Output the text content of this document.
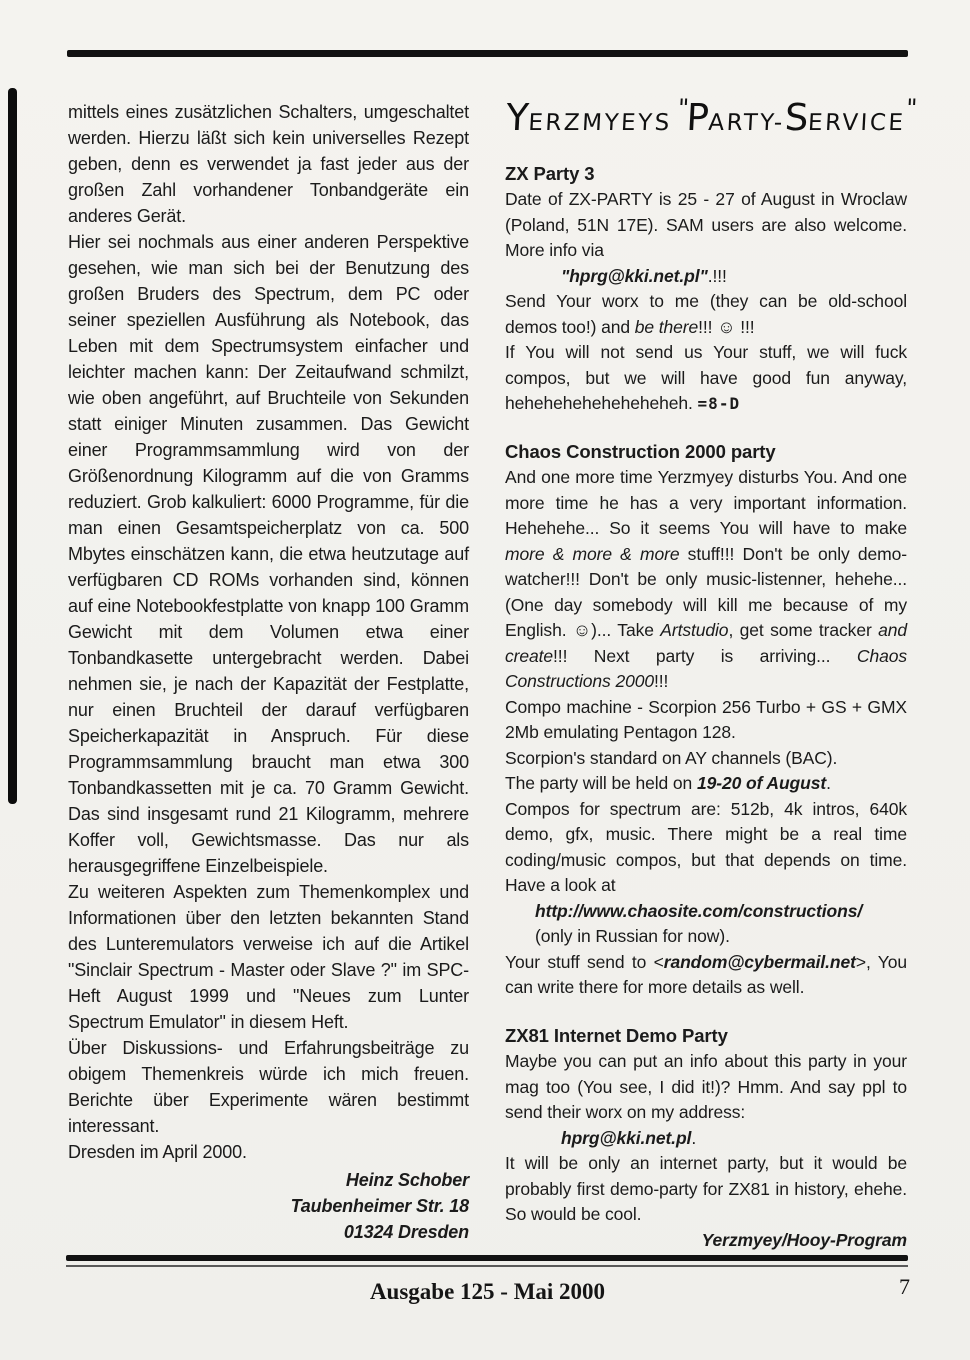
mittels eines zusätzlichen Schalters, umgeschaltet werden. Hierzu läßt sich kein universelles Rezept geben, denn es verwendet ja fast jeder aus der großen Zahl vorhandener Tonbandgeräte ein anderes Gerät.

Hier sei nochmals aus einer anderen Perspektive gesehen, wie man sich bei der Benutzung des großen Bruders des Spectrum, dem PC oder seiner speziellen Ausführung als Notebook, das Leben mit dem Spectrumsystem einfacher und leichter machen kann: Der Zeitaufwand schmilzt, wie oben angeführt, auf Bruchteile von Sekunden statt einiger Minuten zusammen. Das Gewicht einer Programmsammlung wird von der Größenordnung Kilogramm auf die von Gramms reduziert. Grob kalkuliert: 6000 Programme, für die man einen Gesamtspeicherplatz von ca. 500 Mbytes einschätzen kann, die etwa heutzutage auf verfügbaren CD ROMs vorhanden sind, können auf eine Notebookfestplatte von knapp 100 Gramm Gewicht mit dem Volumen etwa einer Tonbandkasette untergebracht werden. Dabei nehmen sie, je nach der Kapazität der Festplatte, nur einen Bruchteil der darauf verfügbaren Speicherkapazität in Anspruch. Für diese Programmsammlung braucht man etwa 300 Tonbandkassetten mit je ca. 70 Gramm Gewicht. Das sind insgesamt rund 21 Kilogramm, mehrere Koffer voll, Gewichtsmasse. Das nur als herausgegriffene Einzelbeispiele.

Zu weiteren Aspekten zum Themenkomplex und Informationen über den letzten bekannten Stand des Lunteremulators verweise ich auf die Artikel "Sinclair Spectrum - Master oder Slave ?" im SPC-Heft August 1999 und "Neues zum Lunter Spectrum Emulator" in diesem Heft.

Über Diskussions- und Erfahrungsbeiträge zu obigem Themenkreis würde ich mich freuen. Berichte über Experimente wären bestimmt interessant.

Dresden im April 2000.

Heinz Schober
Taubenheimer Str. 18
01324 Dresden
YERZMYEYS "PARTY-SERVICE"
ZX Party 3

Date of ZX-PARTY is 25 - 27 of August in Wroclaw (Poland, 51N 17E). SAM users are also welcome. More info via

"hprg@kki.net.pl".!!!

Send Your worx to me (they can be old-school demos too!) and be there!!! ☺ !!!

If You will not send us Your stuff, we will fuck compos, but we will have good fun anyway, heheheheheheheheheh. =8-D

Chaos Construction 2000 party

And one more time Yerzmyey disturbs You. And one more time he has a very important information. Hehehehe... So it seems You will have to make more & more & more stuff!!! Don't be only demo-watcher!!! Don't be only music-listenner, hehehe...(One day somebody will kill me because of my English. ☺)... Take Artstudio, get some tracker and create!!! Next party is arriving... Chaos Constructions 2000!!!

Compo machine - Scorpion 256 Turbo + GS + GMX 2Mb emulating Pentagon 128.

Scorpion's standard on AY channels (BAC).

The party will be held on 19-20 of August.

Compos for spectrum are: 512b, 4k intros, 640k demo, gfx, music. There might be a real time coding/music compos, but that depends on time. Have a look at

http://www.chaosite.com/constructions/

(only in Russian for now).

Your stuff send to <random@cybermail.net>, You can write there for more details as well.

ZX81 Internet Demo Party

Maybe you can put an info about this party in your mag too (You see, I did it!)? Hmm. And say ppl to send their worx on my address:

hprg@kki.net.pl.

It will be only an internet party, but it would be probably first demo-party for ZX81 in history, ehehe. So would be cool.

Yerzmyey/Hooy-Program
Ausgabe 125 - Mai 2000	7
